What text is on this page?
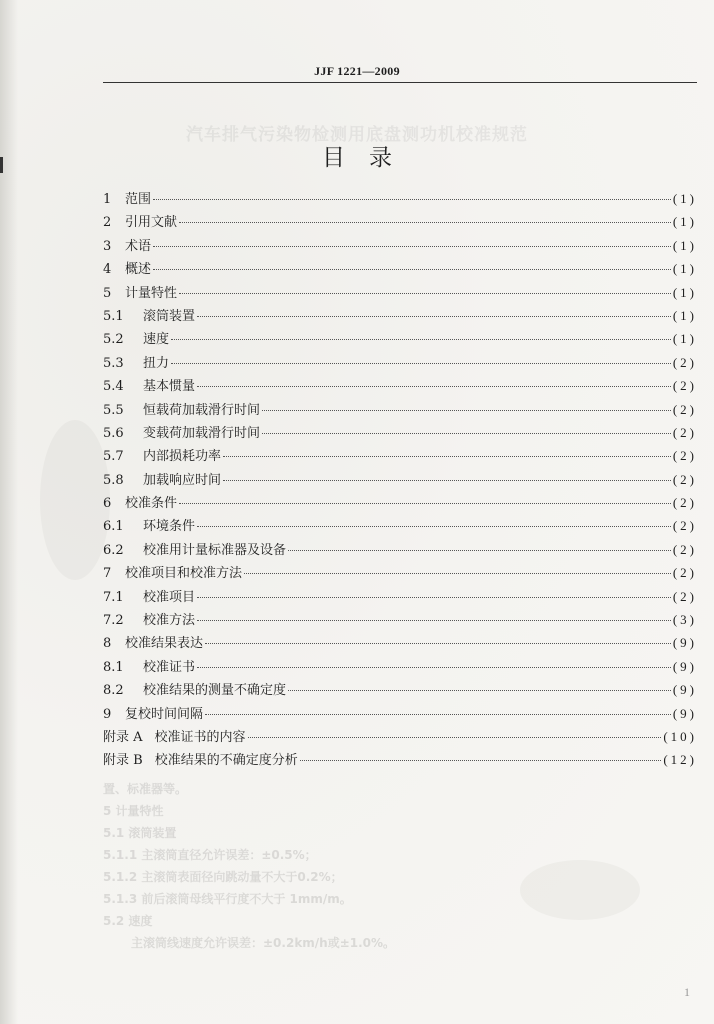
JJF 1221—2009
汽车排气污染物检测用底盘测功机校准规范
目录
1	范围	(1)
2	引用文献	(1)
3	术语	(1)
4	概述	(1)
5	计量特性	(1)
5.1	滚筒装置	(1)
5.2	速度	(1)
5.3	扭力	(2)
5.4	基本惯量	(2)
5.5	恒载荷加载滑行时间	(2)
5.6	变载荷加载滑行时间	(2)
5.7	内部损耗功率	(2)
5.8	加载响应时间	(2)
6	校准条件	(2)
6.1	环境条件	(2)
6.2	校准用计量标准器及设备	(2)
7	校准项目和校准方法	(2)
7.1	校准项目	(2)
7.2	校准方法	(3)
8	校准结果表达	(9)
8.1	校准证书	(9)
8.2	校准结果的测量不确定度	(9)
9	复校时间间隔	(9)
附录 A 校准证书的内容	(10)
附录 B 校准结果的不确定度分析	(12)
置、标准器等。
5 计量特性
5.1 滚筒装置
5.1.1 主滚筒直径允许误差：±0.5%；
5.1.2 主滚筒表面径向跳动量不大于0.2%；
5.1.3 前后滚筒母线平行度不大于 1mm/m。
5.2 速度
主滚筒线速度允许误差：±0.2km/h或±1.0%。
1
